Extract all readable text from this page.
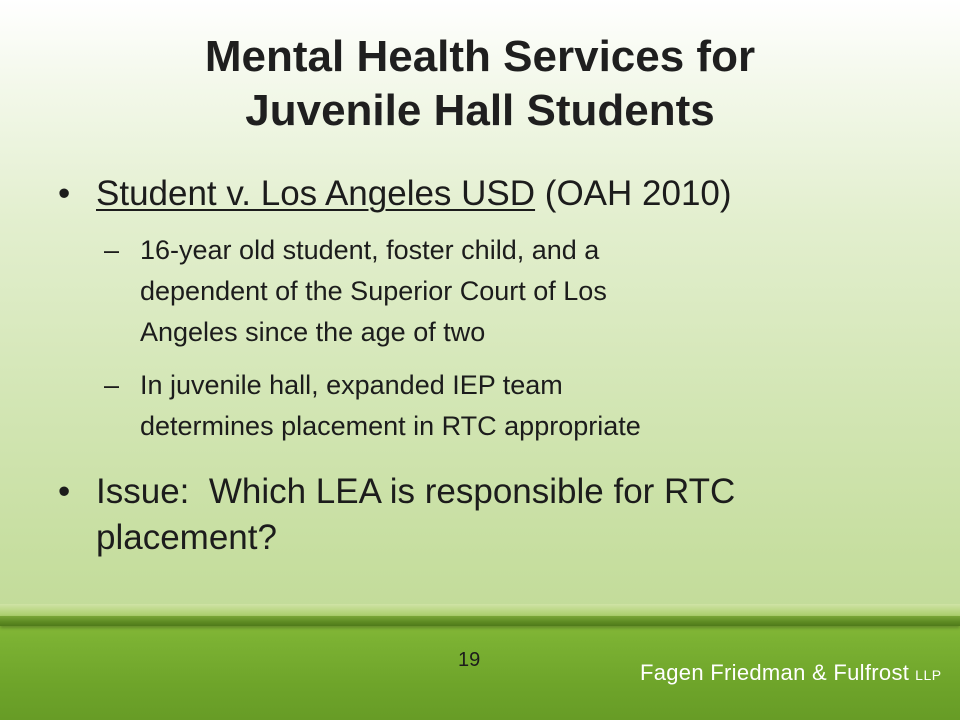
Mental Health Services for
Juvenile Hall Students
• Student v. Los Angeles USD (OAH 2010)
– 16-year old student, foster child, and a
dependent of the Superior Court of Los
Angeles since the age of two
– In juvenile hall, expanded IEP team
determines placement in RTC appropriate
• Issue:  Which LEA is responsible for RTC
placement?
19	Fagen Friedman & Fulfrost LLP
